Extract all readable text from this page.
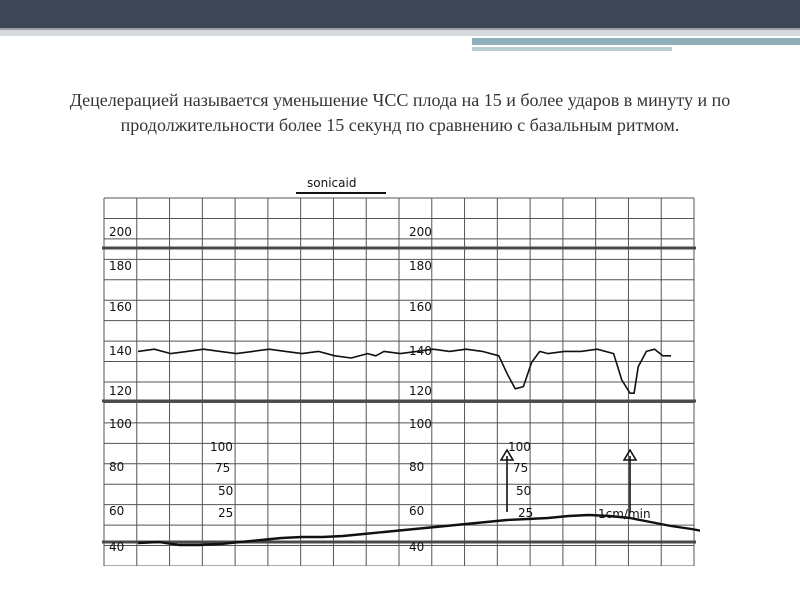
Децелерацией называется уменьшение ЧСС плода на 15 и более ударов в минуту и по продолжительности более 15 секунд по сравнению с базальным ритмом.
sonicaid
200	200
180	180
160	160
140	140
120	120
100	100
80	80
60	60
40	40
100	100
75	75
50	50
25	25	1cm/min
